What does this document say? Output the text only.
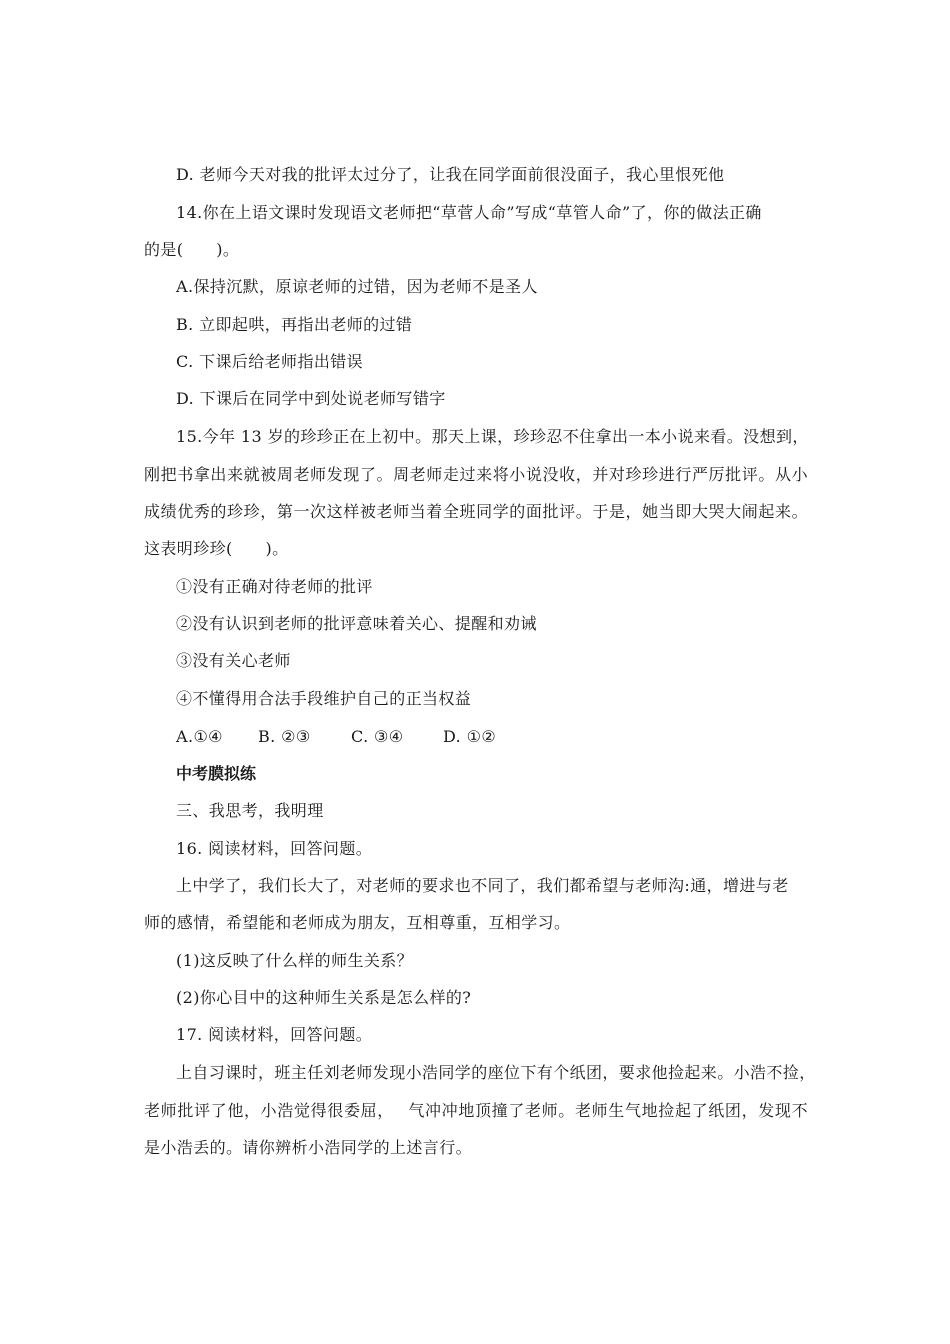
D. 老师今天对我的批评太过分了，让我在同学面前很没面子，我心里恨死他
14.你在上语文课时发现语文老师把“草菅人命”写成“草管人命”了，你的做法正确
的是(　　)。
A.保持沉默，原谅老师的过错，因为老师不是圣人
B. 立即起哄，再指出老师的过错
C. 下课后给老师指出错误
D. 下课后在同学中到处说老师写错字
15.今年 13 岁的珍珍正在上初中。那天上课，珍珍忍不住拿出一本小说来看。没想到，
刚把书拿出来就被周老师发现了。周老师走过来将小说没收，并对珍珍进行严厉批评。从小
成绩优秀的珍珍，第一次这样被老师当着全班同学的面批评。于是，她当即大哭大闹起来。
这表明珍珍(　　)。
①没有正确对待老师的批评
②没有认识到老师的批评意味着关心、提醒和劝诫
③没有关心老师
④不懂得用合法手段维护自己的正当权益
A.①④ B. ②③	C. ③④ D. ①②
中考膜拟练
三、我思考，我明理
16. 阅读材料，回答问题。
上中学了，我们长大了，对老师的要求也不同了，我们都希望与老师沟:通，增进与老
师的感情，希望能和老师成为朋友，互相尊重，互相学习。
(1)这反映了什么样的师生关系？
(2)你心目中的这种师生关系是怎么样的?
17. 阅读材料，回答问题。
上自习课时，班主任刘老师发现小浩同学的座位下有个纸团，要求他捡起来。小浩不捡，
老师批评了他，小浩觉得很委屈，　 气冲冲地顶撞了老师。老师生气地捡起了纸团，发现不
是小浩丢的。请你辨析小浩同学的上述言行。
